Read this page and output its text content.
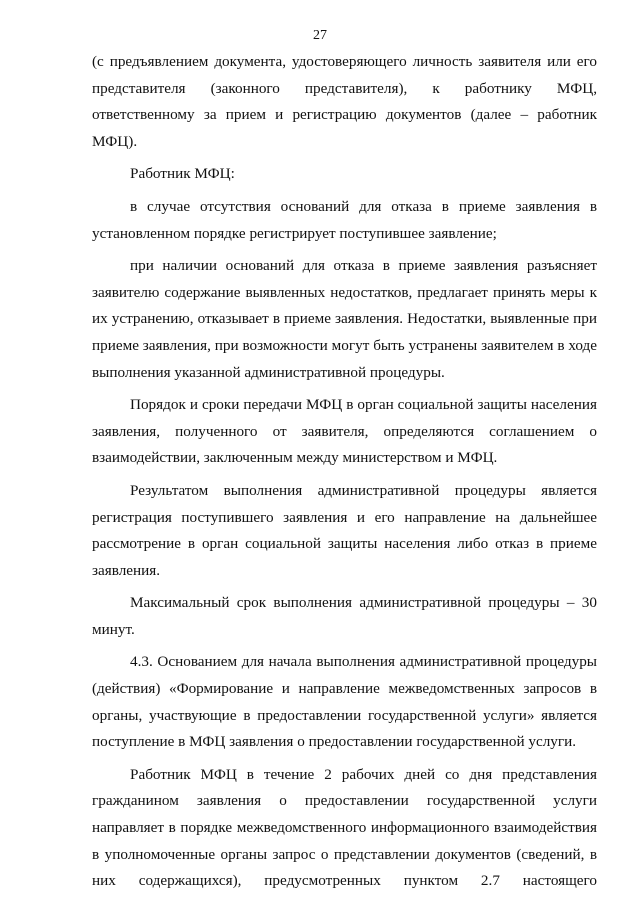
27

(с предъявлением документа, удостоверяющего личность заявителя или его представителя (законного представителя), к работнику МФЦ, ответственному за прием и регистрацию документов (далее – работник МФЦ).

Работник МФЦ:

в случае отсутствия оснований для отказа в приеме заявления в установленном порядке регистрирует поступившее заявление;

при наличии оснований для отказа в приеме заявления разъясняет заявителю содержание выявленных недостатков, предлагает принять меры к их устранению, отказывает в приеме заявления. Недостатки, выявленные при приеме заявления, при возможности могут быть устранены заявителем в ходе выполнения указанной административной процедуры.

Порядок и сроки передачи МФЦ в орган социальной защиты населения заявления, полученного от заявителя, определяются соглашением о взаимодействии, заключенным между министерством и МФЦ.

Результатом выполнения административной процедуры является регистрация поступившего заявления и его направление на дальнейшее рассмотрение в орган социальной защиты населения либо отказ в приеме заявления.

Максимальный срок выполнения административной процедуры – 30 минут.

4.3. Основанием для начала выполнения административной процедуры (действия) «Формирование и направление межведомственных запросов в органы, участвующие в предоставлении государственной услуги» является поступление в МФЦ заявления о предоставлении государственной услуги.

Работник МФЦ в течение 2 рабочих дней со дня представления гражданином заявления о предоставлении государственной услуги направляет в порядке межведомственного информационного взаимодействия в уполномоченные органы запрос о представлении документов (сведений, в них содержащихся), предусмотренных пунктом 2.7 настоящего
